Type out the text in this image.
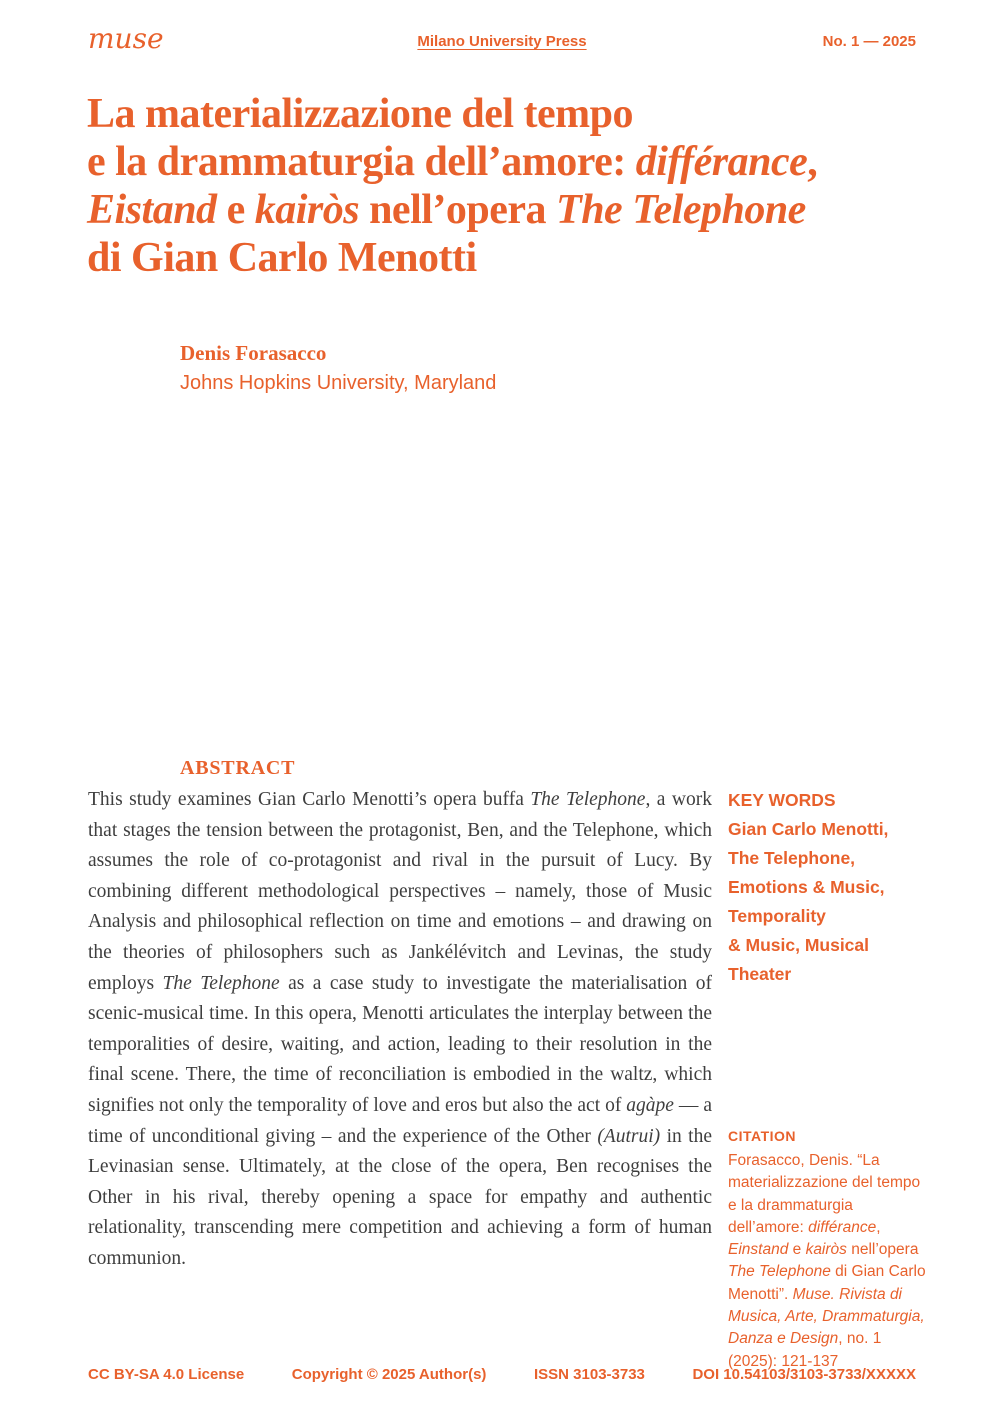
muse	Milano University Press	No. 1 — 2025
La materializzazione del tempo
e la drammaturgia dell’amore: différance,
Eistand e kairòs nell’opera The Telephone
di Gian Carlo Menotti
Denis Forasacco
Johns Hopkins University, Maryland
ABSTRACT
This study examines Gian Carlo Menotti’s opera buffa The Telephone, a work that stages the tension between the protagonist, Ben, and the Telephone, which assumes the role of co-protagonist and rival in the pursuit of Lucy. By combining different methodological perspectives – namely, those of Music Analysis and philosophical reflection on time and emotions – and drawing on the theories of philosophers such as Jankélévitch and Levinas, the study employs The Telephone as a case study to investigate the materialisation of scenic-musical time. In this opera, Menotti articulates the interplay between the temporalities of desire, waiting, and action, leading to their resolution in the final scene. There, the time of reconciliation is embodied in the waltz, which signifies not only the temporality of love and eros but also the act of agàpe — a time of unconditional giving – and the experience of the Other (Autrui) in the Levinasian sense. Ultimately, at the close of the opera, Ben recognises the Other in his rival, thereby opening a space for empathy and authentic relationality, transcending mere competition and achieving a form of human communion.
KEY WORDS
Gian Carlo Menotti,
The Telephone,
Emotions & Music,
Temporality
& Music, Musical
Theater
CITATION
Forasacco, Denis. “La materializzazione del tempo e la drammaturgia dell’amore: différance, Einstand e kairòs nell’opera The Telephone di Gian Carlo Menotti”. Muse. Rivista di Musica, Arte, Drammaturgia, Danza e Design, no. 1 (2025): 121-137
CC BY-SA 4.0 License	Copyright © 2025 Author(s)	ISSN 3103-3733	DOI 10.54103/3103-3733/XXXXX
